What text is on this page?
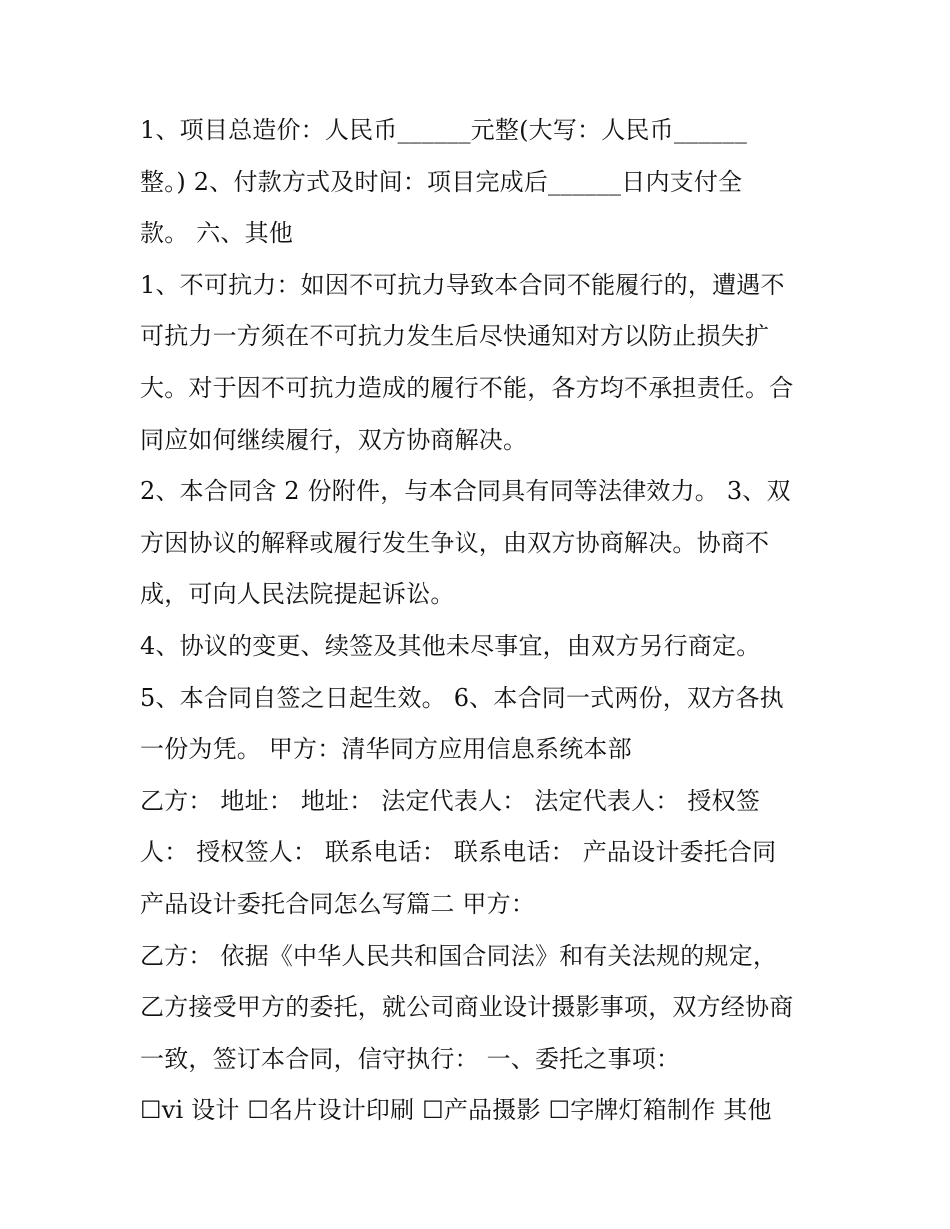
1、项目总造价：人民币______元整(大写：人民币______
整。) 2、付款方式及时间：项目完成后______日内支付全
款。 六、其他
1、不可抗力：如因不可抗力导致本合同不能履行的，遭遇不
可抗力一方须在不可抗力发生后尽快通知对方以防止损失扩
大。对于因不可抗力造成的履行不能，各方均不承担责任。合
同应如何继续履行，双方协商解决。
2、本合同含 2 份附件，与本合同具有同等法律效力。 3、双
方因协议的解释或履行发生争议，由双方协商解决。协商不
成，可向人民法院提起诉讼。
4、协议的变更、续签及其他未尽事宜，由双方另行商定。
5、本合同自签之日起生效。 6、本合同一式两份，双方各执
一份为凭。 甲方：清华同方应用信息系统本部
乙方： 地址： 地址： 法定代表人： 法定代表人： 授权签
人： 授权签人： 联系电话： 联系电话： 产品设计委托合同
产品设计委托合同怎么写篇二 甲方：
乙方： 依据《中华人民共和国合同法》和有关法规的规定，
乙方接受甲方的委托，就公司商业设计摄影事项，双方经协商
一致，签订本合同，信守执行： 一、委托之事项：
☐vi 设计 ☐名片设计印刷 ☐产品摄影 ☐字牌灯箱制作 其他
